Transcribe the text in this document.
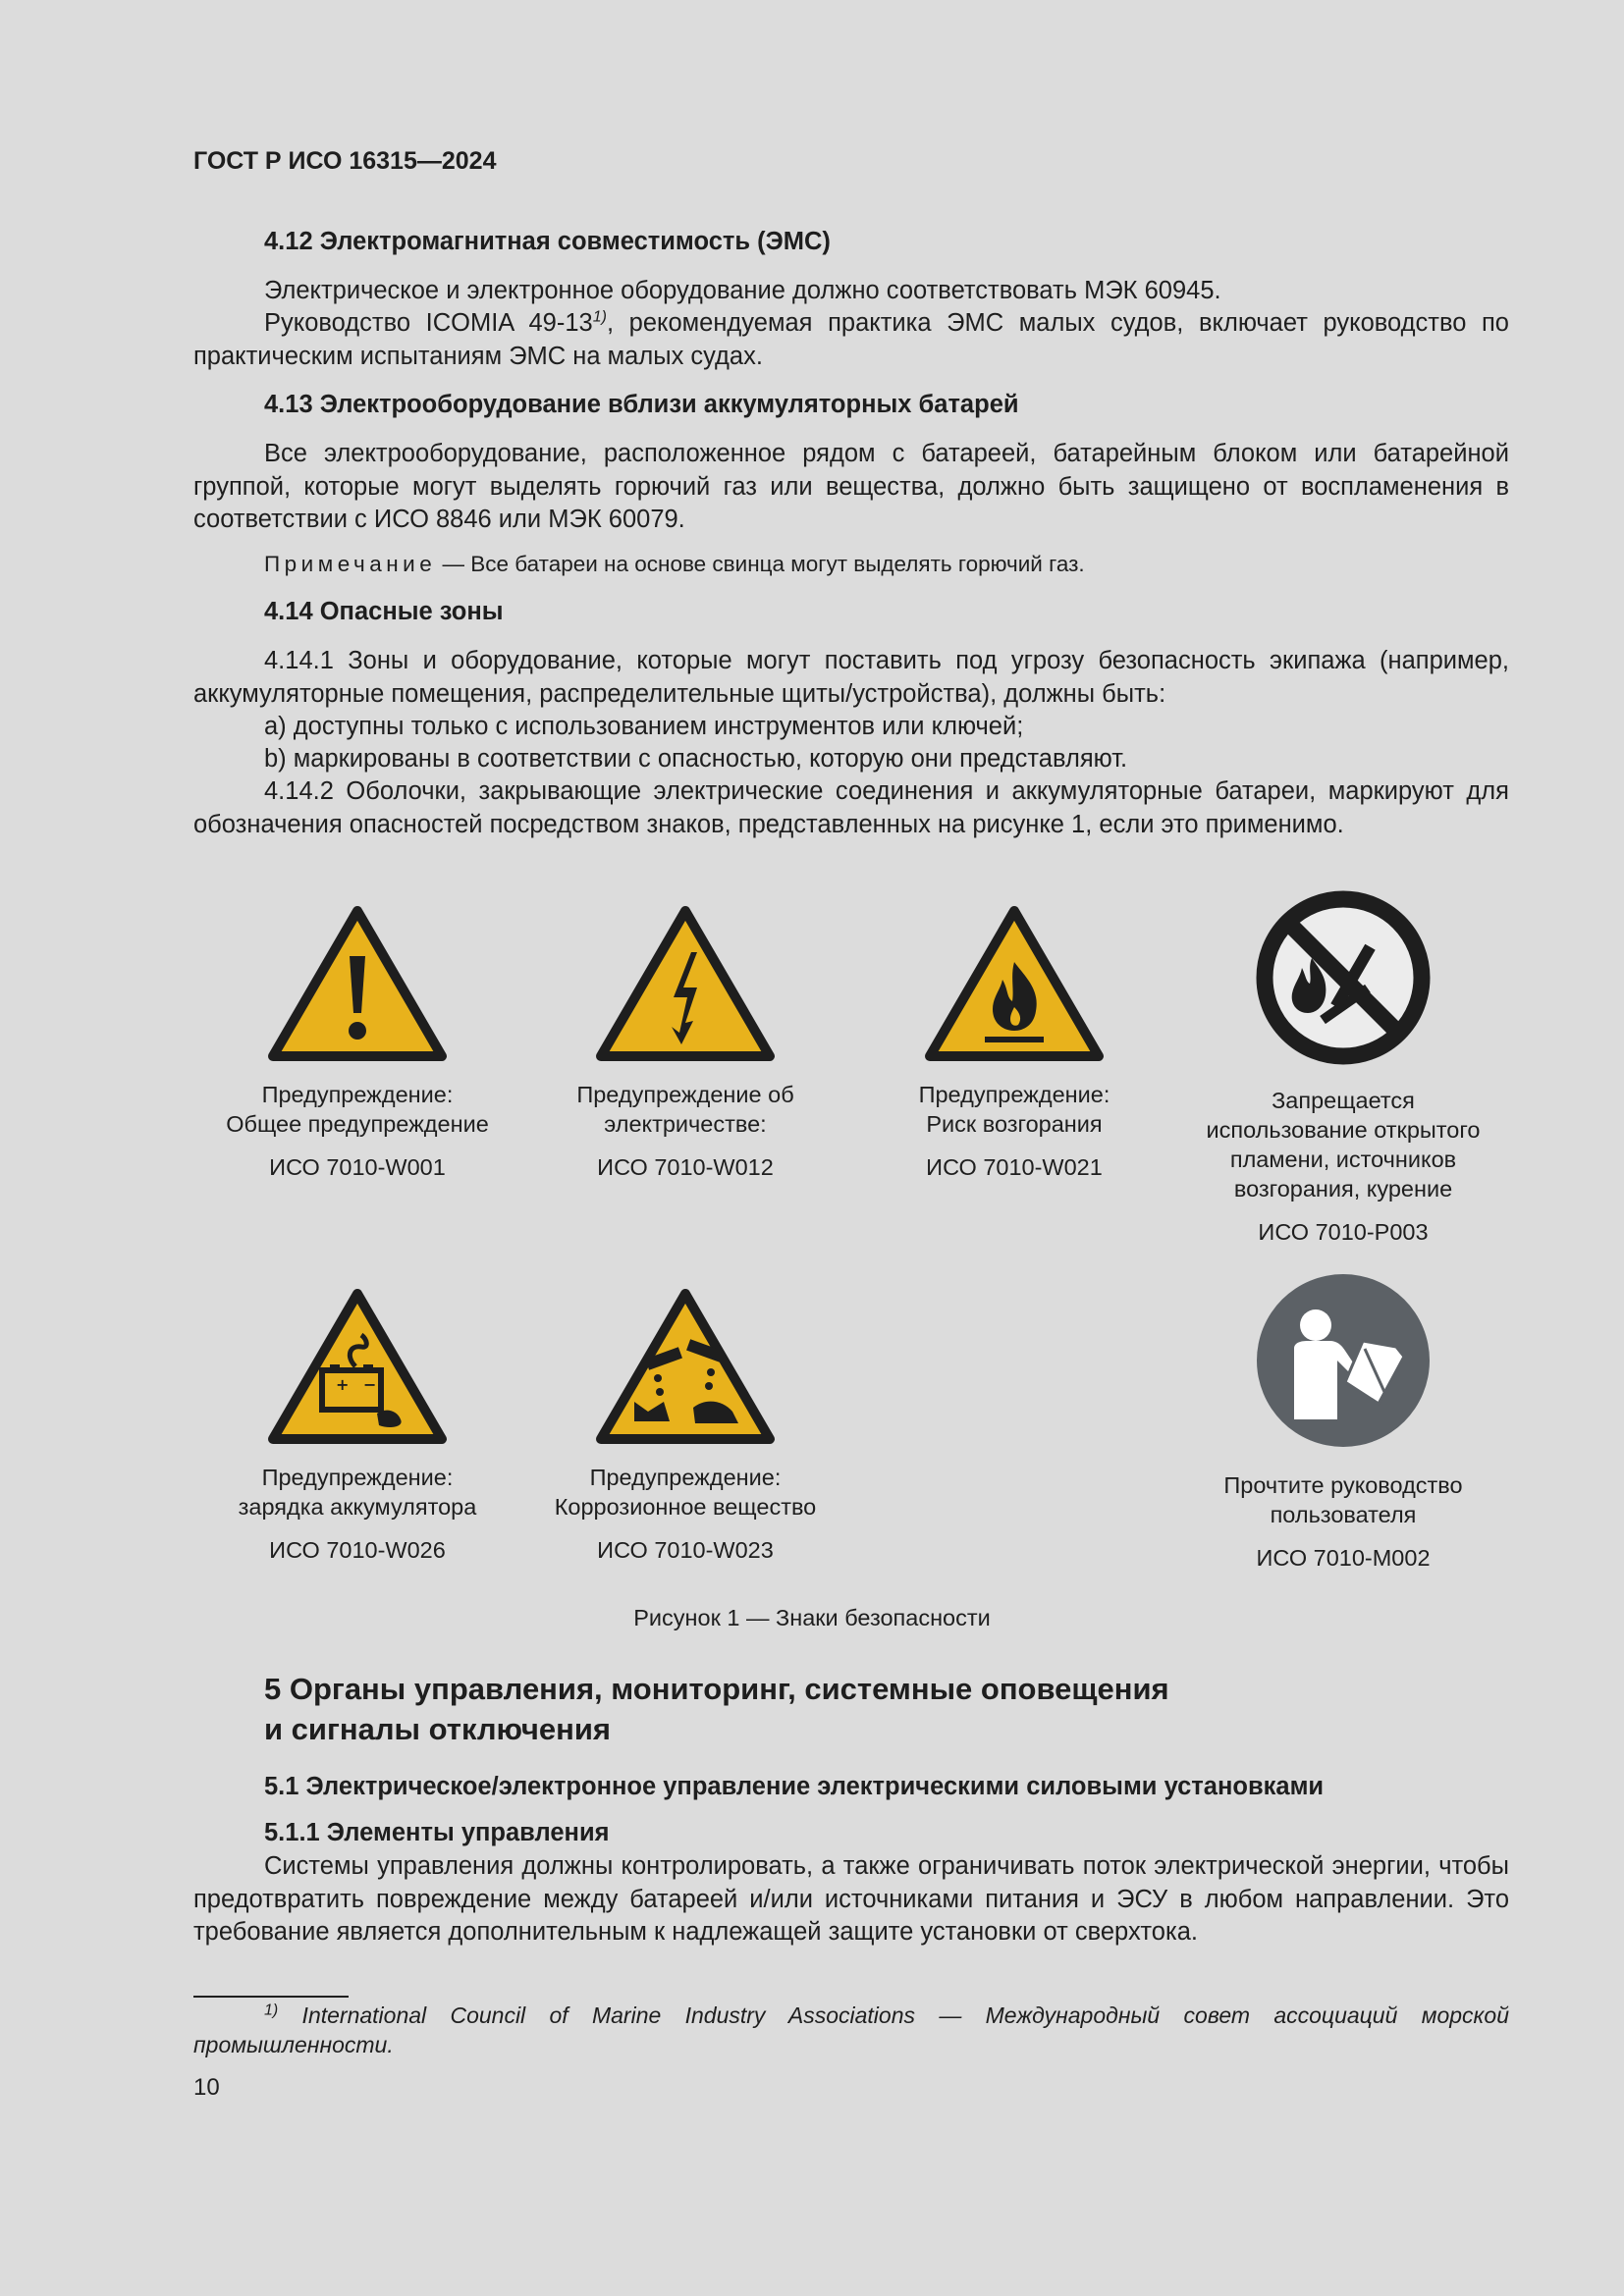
ГОСТ Р ИСО 16315—2024
4.12 Электромагнитная совместимость (ЭМС)
Электрическое и электронное оборудование должно соответствовать МЭК 60945.
Руководство ICOMIA 49-13$^{1)}$, рекомендуемая практика ЭМС малых судов, включает руководство по практическим испытаниям ЭМС на малых судах.
4.13 Электрооборудование вблизи аккумуляторных батарей
Все электрооборудование, расположенное рядом с батареей, батарейным блоком или батарейной группой, которые могут выделять горючий газ или вещества, должно быть защищено от воспламенения в соответствии с ИСО 8846 или МЭК 60079.
Примечание — Все батареи на основе свинца могут выделять горючий газ.
4.14 Опасные зоны
4.14.1 Зоны и оборудование, которые могут поставить под угрозу безопасность экипажа (например, аккумуляторные помещения, распределительные щиты/устройства), должны быть:
a) доступны только с использованием инструментов или ключей;
b) маркированы в соответствии с опасностью, которую они представляют.
4.14.2 Оболочки, закрывающие электрические соединения и аккумуляторные батареи, маркируют для обозначения опасностей посредством знаков, представленных на рисунке 1, если это применимо.
Предупреждение:
Общее предупреждение
ИСО 7010-W001
Предупреждение об
электричестве:
ИСО 7010-W012
Предупреждение:
Риск возгорания
ИСО 7010-W021
Запрещается
использование открытого
пламени, источников
возгорания, курение
ИСО 7010-P003
+ −
Предупреждение:
зарядка аккумулятора
ИСО 7010-W026
Предупреждение:
Коррозионное вещество
ИСО 7010-W023
Прочтите руководство
пользователя
ИСО 7010-M002
Рисунок 1 — Знаки безопасности
5 Органы управления, мониторинг, системные оповещения
и сигналы отключения
5.1 Электрическое/электронное управление электрическими силовыми установками
5.1.1 Элементы управления
Системы управления должны контролировать, а также ограничивать поток электрической энергии, чтобы предотвратить повреждение между батареей и/или источниками питания и ЭСУ в любом направлении. Это требование является дополнительным к надлежащей защите установки от сверхтока.
$^{1)}$ International Council of Marine Industry Associations — Международный совет ассоциаций морской промышленности.
10
